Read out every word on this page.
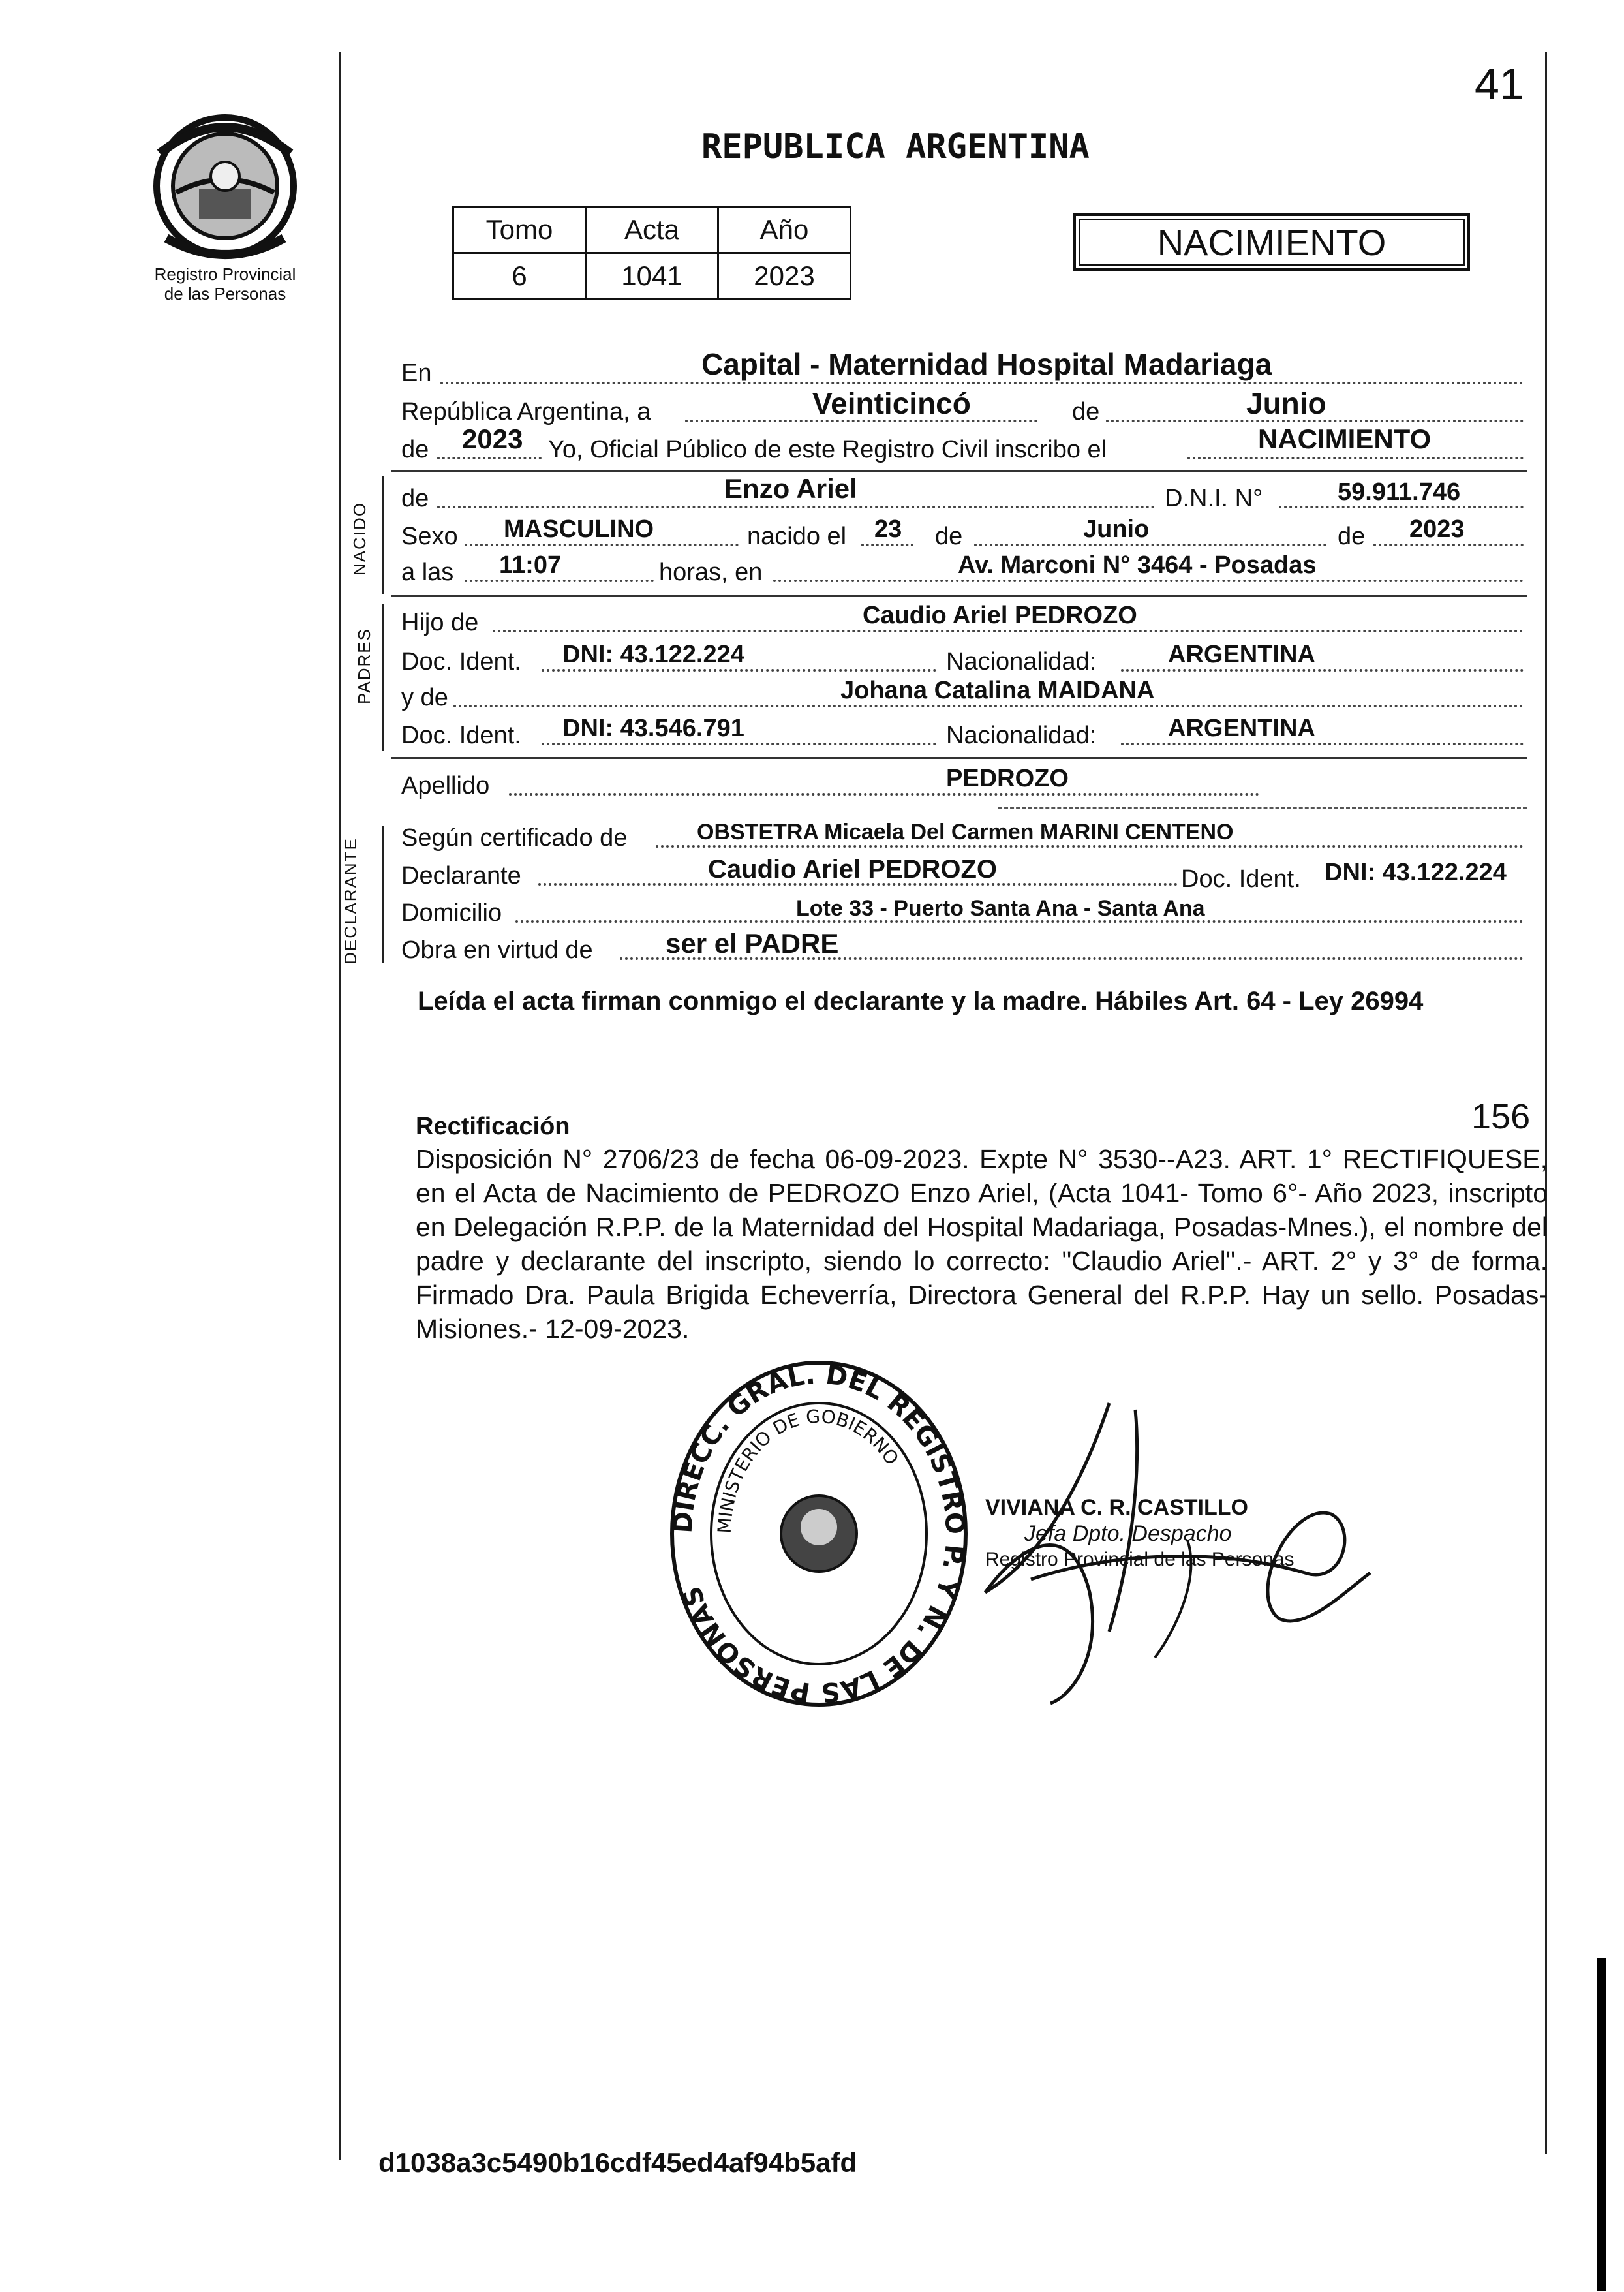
41
Registro Provincial
de las Personas
REPUBLICA ARGENTINA
Tomo	Acta	Año
6	1041	2023
NACIMIENTO
En	Capital - Maternidad Hospital Madariaga
República Argentina, a	Veinticincó	de	Junio
de 2023 Yo, Oficial Público de este Registro Civil inscribo el	NACIMIENTO
NACIDO
de	Enzo Ariel	D.N.I. N°	59.911.746
Sexo MASCULINO	nacido el 23 de	Junio	de 2023
a las 11:07	horas, en	Av. Marconi N° 3464 - Posadas
PADRES
Hijo de	Caudio Ariel PEDROZO
Doc. Ident. DNI: 43.122.224	Nacionalidad:	ARGENTINA
y de	Johana Catalina MAIDANA
Doc. Ident. DNI: 43.546.791	Nacionalidad:	ARGENTINA
Apellido	PEDROZO
DECLARANTE Según certificado de	OBSTETRA Micaela Del Carmen MARINI CENTENO
Declarante	Caudio Ariel PEDROZO	Doc. Ident. DNI: 43.122.224
Domicilio	Lote 33 - Puerto Santa Ana - Santa Ana
Obra en virtud de	ser el PADRE
Leída el acta firman conmigo el declarante y la madre. Hábiles Art. 64 - Ley 26994
156
Rectificación
Disposición N° 2706/23 de fecha 06-09-2023. Expte N° 3530--A23. ART. 1° RECTIFIQUESE, en el Acta de Nacimiento de PEDROZO Enzo Ariel, (Acta 1041- Tomo 6°- Año 2023, inscripto en Delegación R.P.P. de la Maternidad del Hospital Madariaga, Posadas-Mnes.), el nombre del padre y declarante del inscripto, siendo lo correcto: "Claudio Ariel".- ART. 2° y 3° de forma. Firmado Dra. Paula Brigida Echeverría, Directora General del R.P.P. Hay un sello. Posadas- Misiones.- 12-09-2023.
DIRECC. GRAL. DEL REGISTRO P. Y N. DE LAS PERSONAS
MINISTERIO DE GOBIERNO
VIVIANA C. R. CASTILLO
Jefa Dpto. Despacho
Registro Provincial de las Personas
d1038a3c5490b16cdf45ed4af94b5afd
